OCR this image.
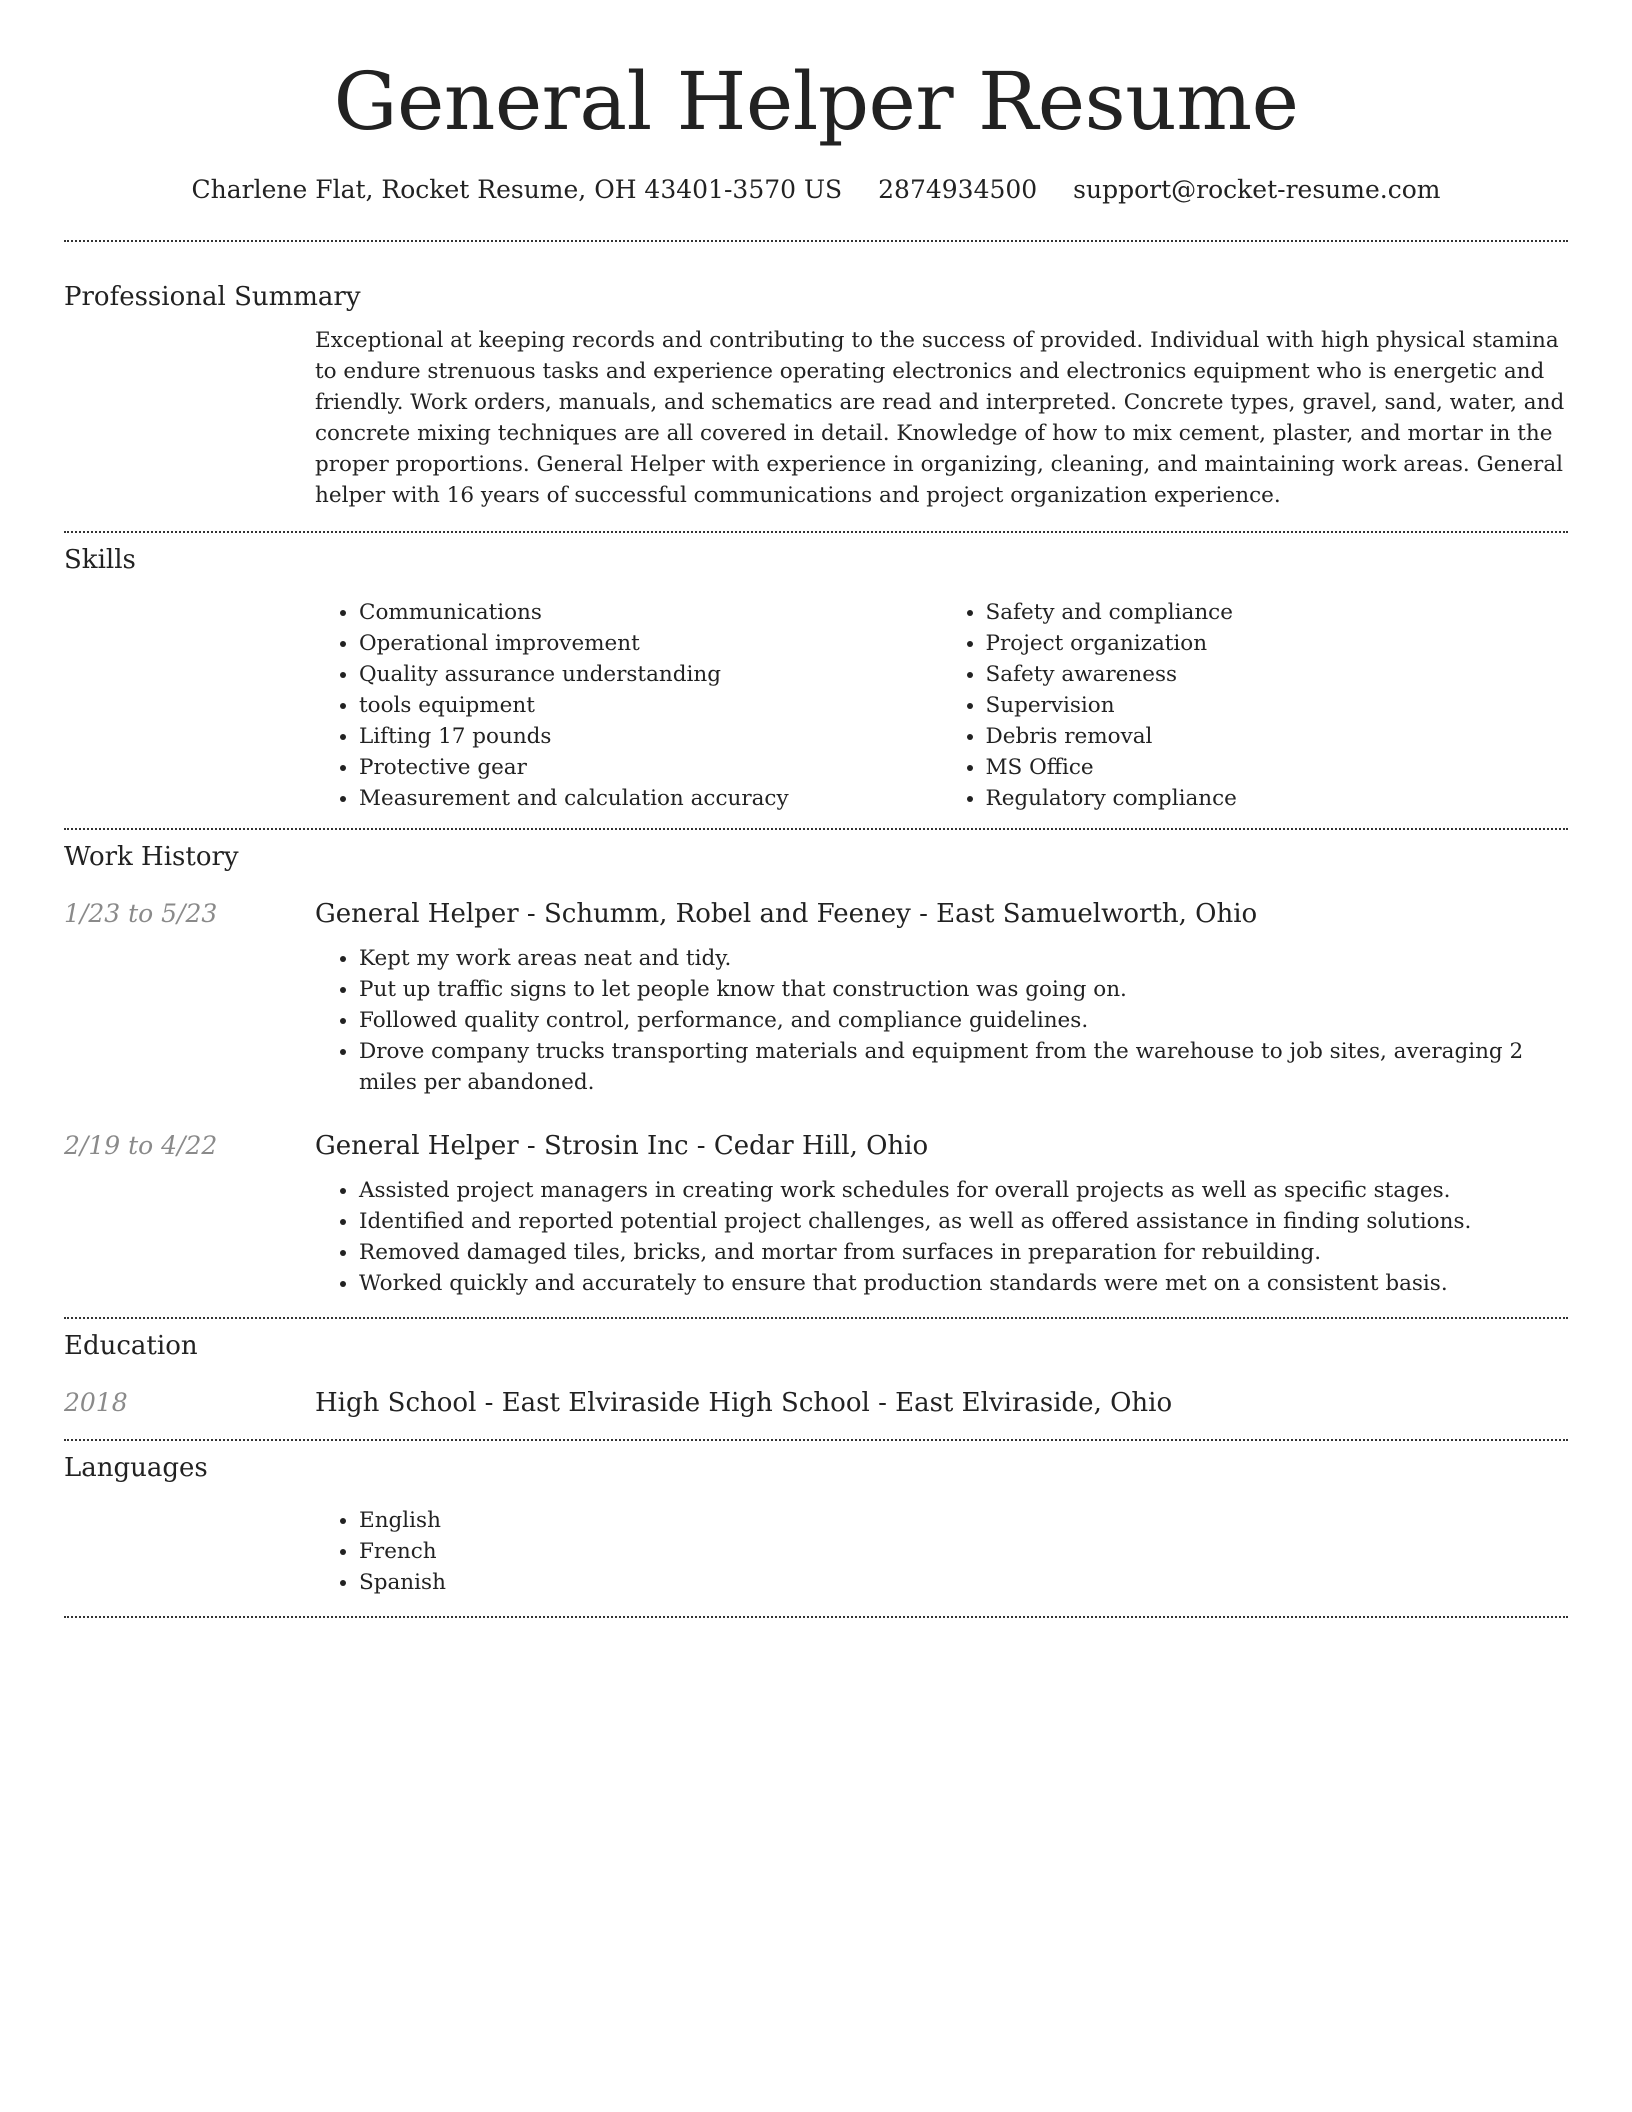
General Helper Resume
Charlene Flat, Rocket Resume, OH 43401-3570 US 2874934500 support@rocket-resume.com
Professional Summary

Exceptional at keeping records and contributing to the success of provided. Individual with high physical stamina to endure strenuous tasks and experience operating electronics and electronics equipment who is energetic and friendly. Work orders, manuals, and schematics are read and interpreted. Concrete types, gravel, sand, water, and concrete mixing techniques are all covered in detail. Knowledge of how to mix cement, plaster, and mortar in the proper proportions. General Helper with experience in organizing, cleaning, and maintaining work areas. General helper with 16 years of successful communications and project organization experience.

Skills
• Communications
• Operational improvement
• Quality assurance understanding
• tools equipment
• Lifting 17 pounds
• Protective gear
• Measurement and calculation accuracy
• Safety and compliance
• Project organization
• Safety awareness
• Supervision
• Debris removal
• MS Office
• Regulatory compliance
Work History
1/23 to 5/23	General Helper - Schumm, Robel and Feeney - East Samuelworth, Ohio
• Kept my work areas neat and tidy.
• Put up traffic signs to let people know that construction was going on.
• Followed quality control, performance, and compliance guidelines.
• Drove company trucks transporting materials and equipment from the warehouse to job sites, averaging 2 miles per abandoned.
2/19 to 4/22	General Helper - Strosin Inc - Cedar Hill, Ohio
• Assisted project managers in creating work schedules for overall projects as well as specific stages.
• Identified and reported potential project challenges, as well as offered assistance in finding solutions.
• Removed damaged tiles, bricks, and mortar from surfaces in preparation for rebuilding.
• Worked quickly and accurately to ensure that production standards were met on a consistent basis.
Education
2018	High School - East Elviraside High School - East Elviraside, Ohio
Languages
• English
• French
• Spanish
